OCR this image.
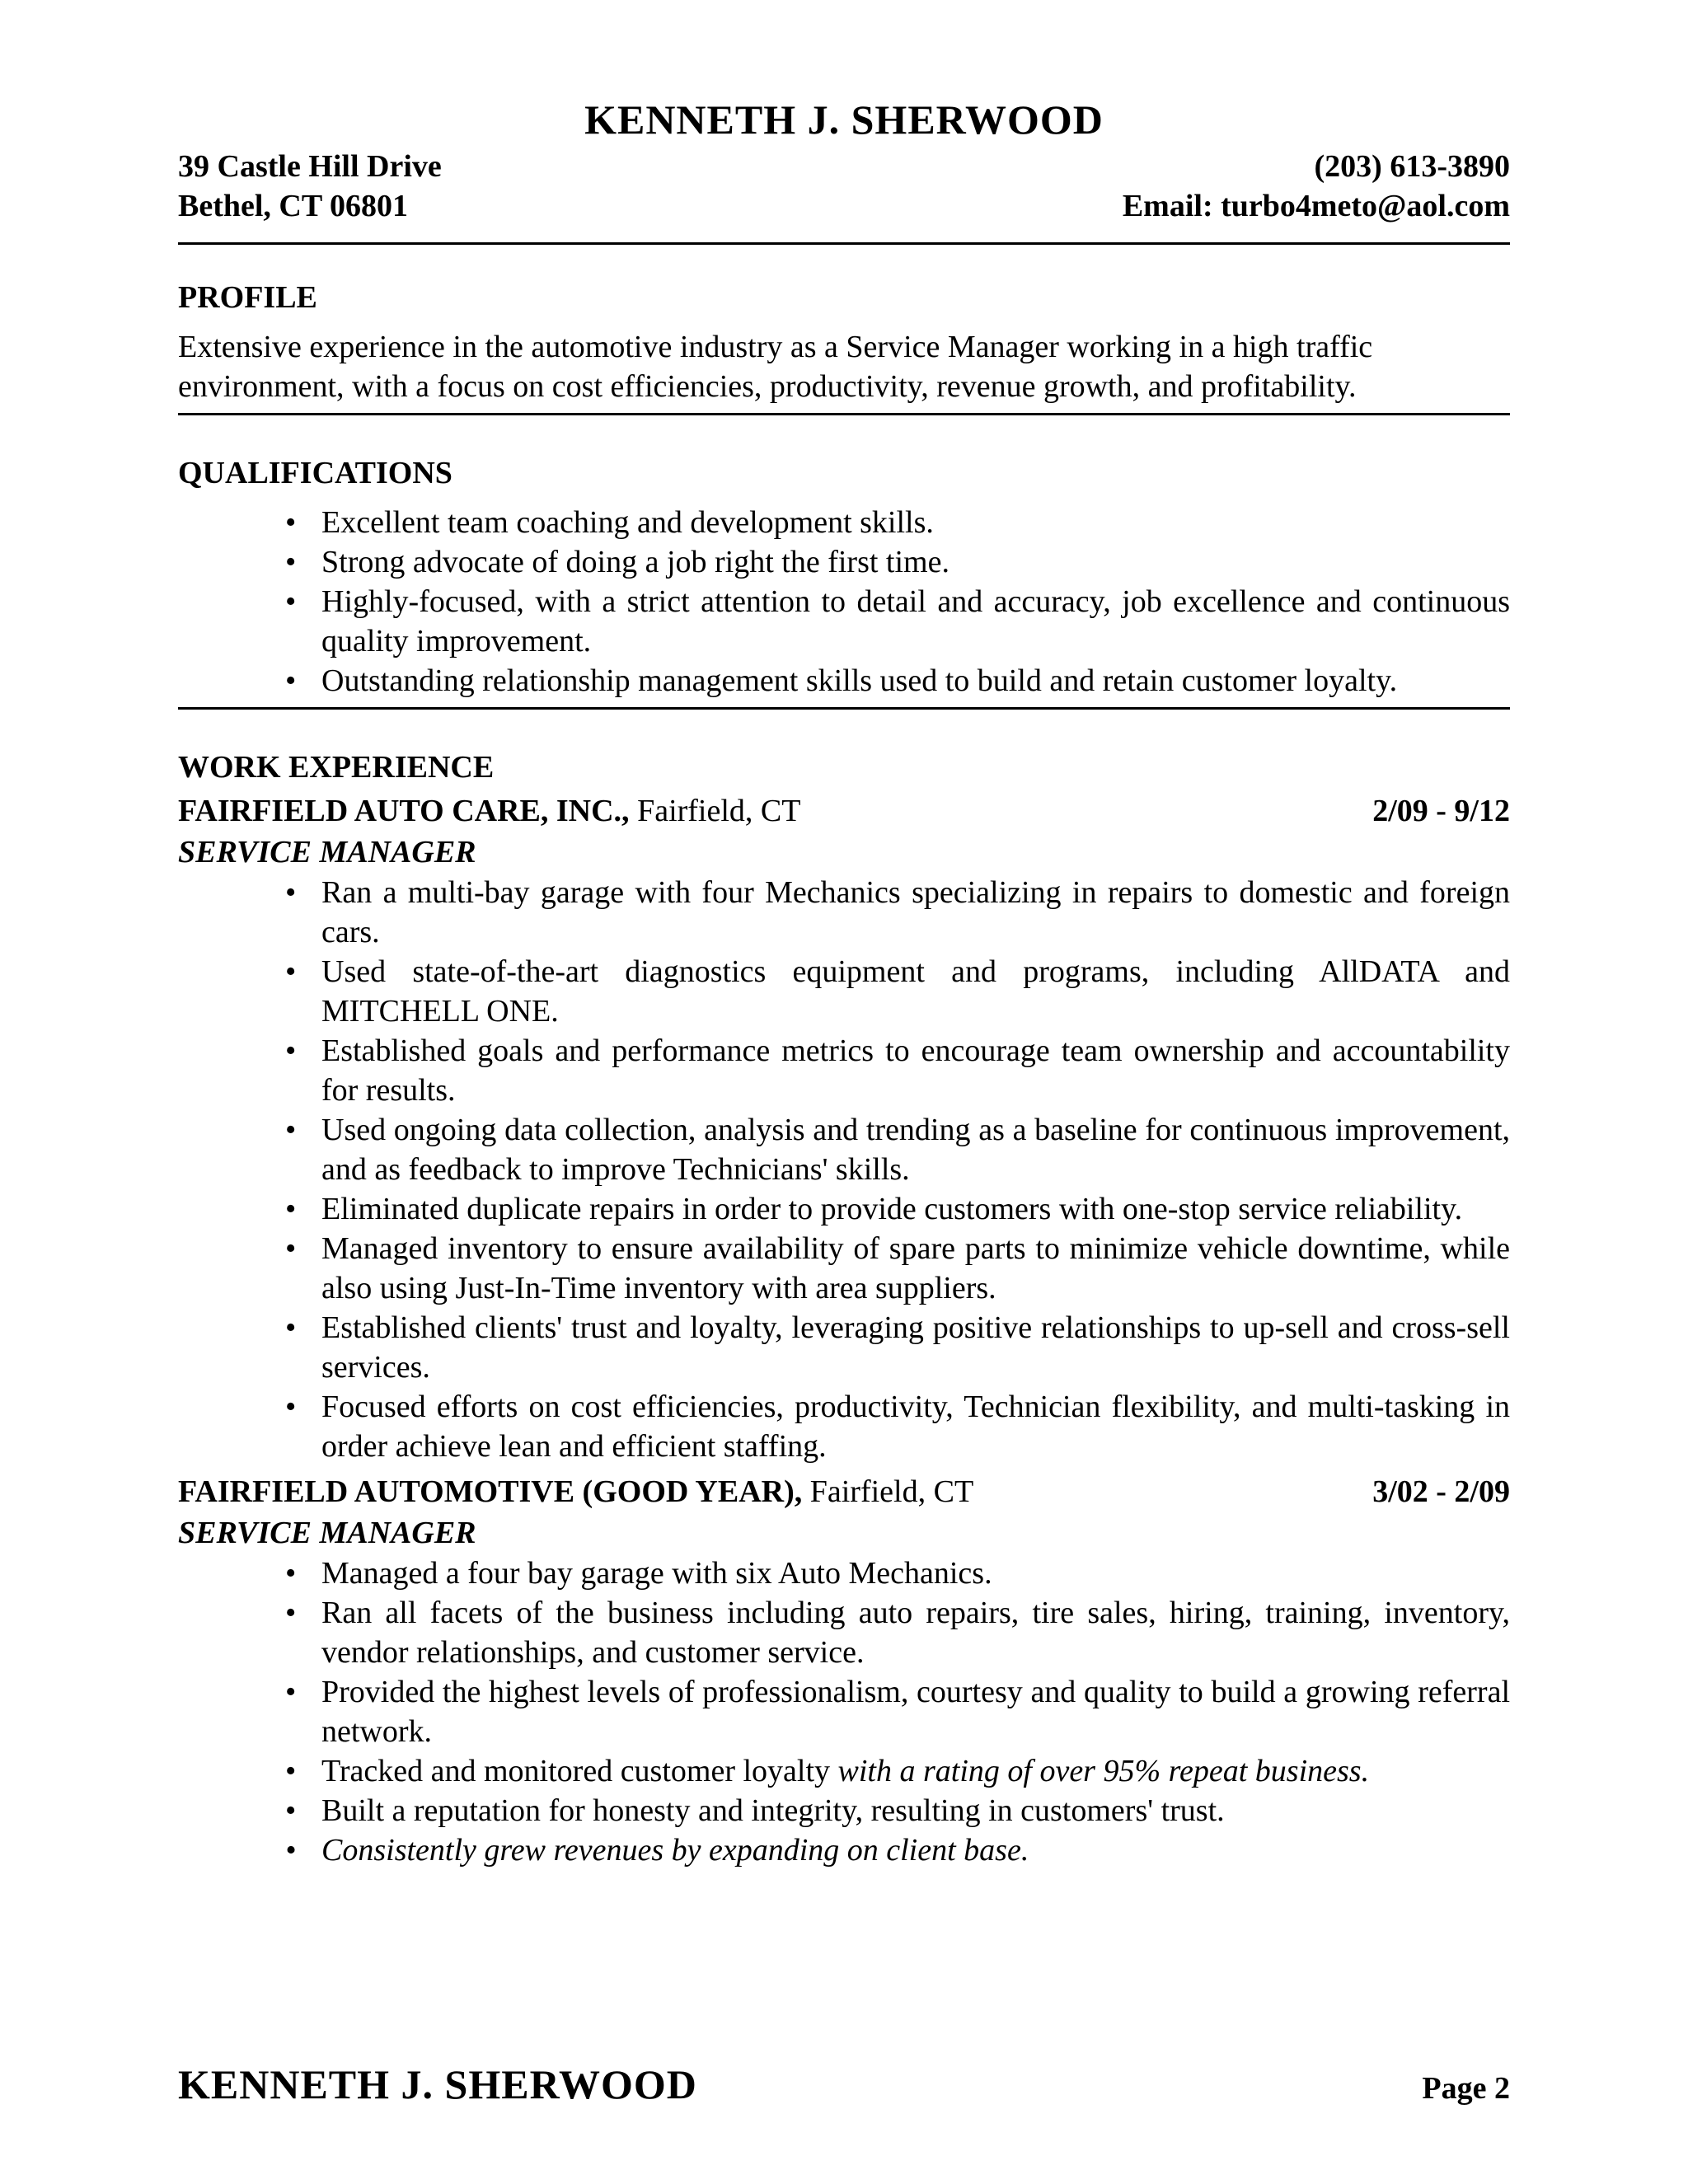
KENNETH J. SHERWOOD
39 Castle Hill Drive	(203) 613-3890
Bethel, CT 06801	Email: turbo4meto@aol.com
PROFILE
Extensive experience in the automotive industry as a Service Manager working in a high traffic environment, with a focus on cost efficiencies, productivity, revenue growth, and profitability.
QUALIFICATIONS
• Excellent team coaching and development skills.
• Strong advocate of doing a job right the first time.
• Highly-focused, with a strict attention to detail and accuracy, job excellence and continuous quality improvement.
• Outstanding relationship management skills used to build and retain customer loyalty.
WORK EXPERIENCE
FAIRFIELD AUTO CARE, INC., Fairfield, CT	2/09 - 9/12
SERVICE MANAGER
• Ran a multi-bay garage with four Mechanics specializing in repairs to domestic and foreign cars.
• Used state-of-the-art diagnostics equipment and programs, including AllDATA and MITCHELL ONE.
• Established goals and performance metrics to encourage team ownership and accountability for results.
• Used ongoing data collection, analysis and trending as a baseline for continuous improvement, and as feedback to improve Technicians' skills.
• Eliminated duplicate repairs in order to provide customers with one-stop service reliability.
• Managed inventory to ensure availability of spare parts to minimize vehicle downtime, while also using Just-In-Time inventory with area suppliers.
• Established clients' trust and loyalty, leveraging positive relationships to up-sell and cross-sell services.
• Focused efforts on cost efficiencies, productivity, Technician flexibility, and multi-tasking in order achieve lean and efficient staffing.
FAIRFIELD AUTOMOTIVE (GOOD YEAR), Fairfield, CT	3/02 - 2/09
SERVICE MANAGER
• Managed a four bay garage with six Auto Mechanics.
• Ran all facets of the business including auto repairs, tire sales, hiring, training, inventory, vendor relationships, and customer service.
• Provided the highest levels of professionalism, courtesy and quality to build a growing referral network.
• Tracked and monitored customer loyalty with a rating of over 95% repeat business.
• Built a reputation for honesty and integrity, resulting in customers' trust.
• Consistently grew revenues by expanding on client base.
KENNETH J. SHERWOOD	Page 2
